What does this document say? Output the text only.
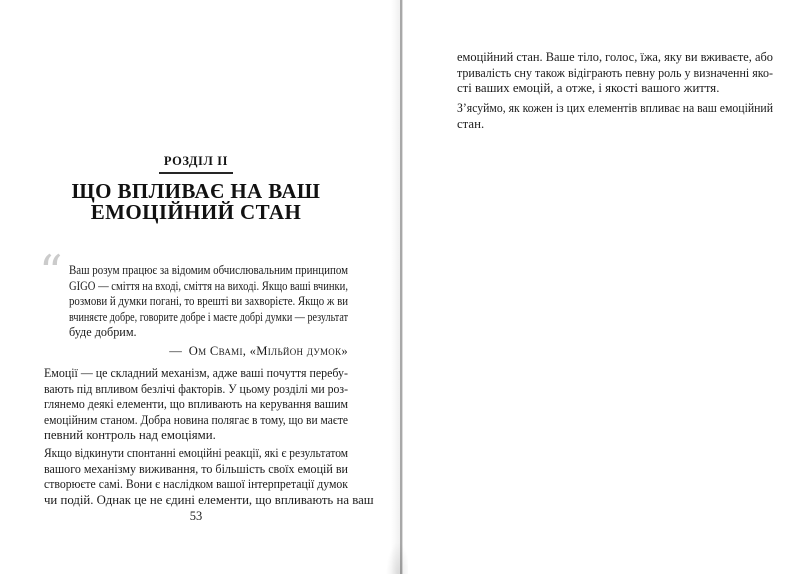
РОЗДІЛ II
ЩО ВПЛИВАЄ НА ВАШ
ЕМОЦІЙНИЙ СТАН
“ Ваш розум працює за відомим обчислювальним принципом
GIGO — сміття на вході, сміття на виході. Якщо ваші вчинки,
розмови й думки погані, то врешті ви захворієте. Якщо ж ви
вчиняєте добре, говорите добре і маєте добрі думки — результат
буде добрим.
— Ом Свамі, «Мільйон думок»
Емоції — це складний механізм, адже ваші почуття перебу-
вають під впливом безлічі факторів. У цьому розділі ми роз-
глянемо деякі елементи, що впливають на керування вашим
емоційним станом. Добра новина полягає в тому, що ви маєте
певний контроль над емоціями.
Якщо відкинути спонтанні емоційні реакції, які є результатом
вашого механізму виживання, то більшість своїх емоцій ви
створюєте самі. Вони є наслідком вашої інтерпретації думок
чи подій. Однак це не єдині елементи, що впливають на ваш
53
емоційний стан. Ваше тіло, голос, їжа, яку ви вживаєте, або
тривалість сну також відіграють певну роль у визначенні яко-
сті ваших емоцій, а отже, і якості вашого життя.
З’ясуймо, як кожен із цих елементів впливає на ваш емоційний
стан.
